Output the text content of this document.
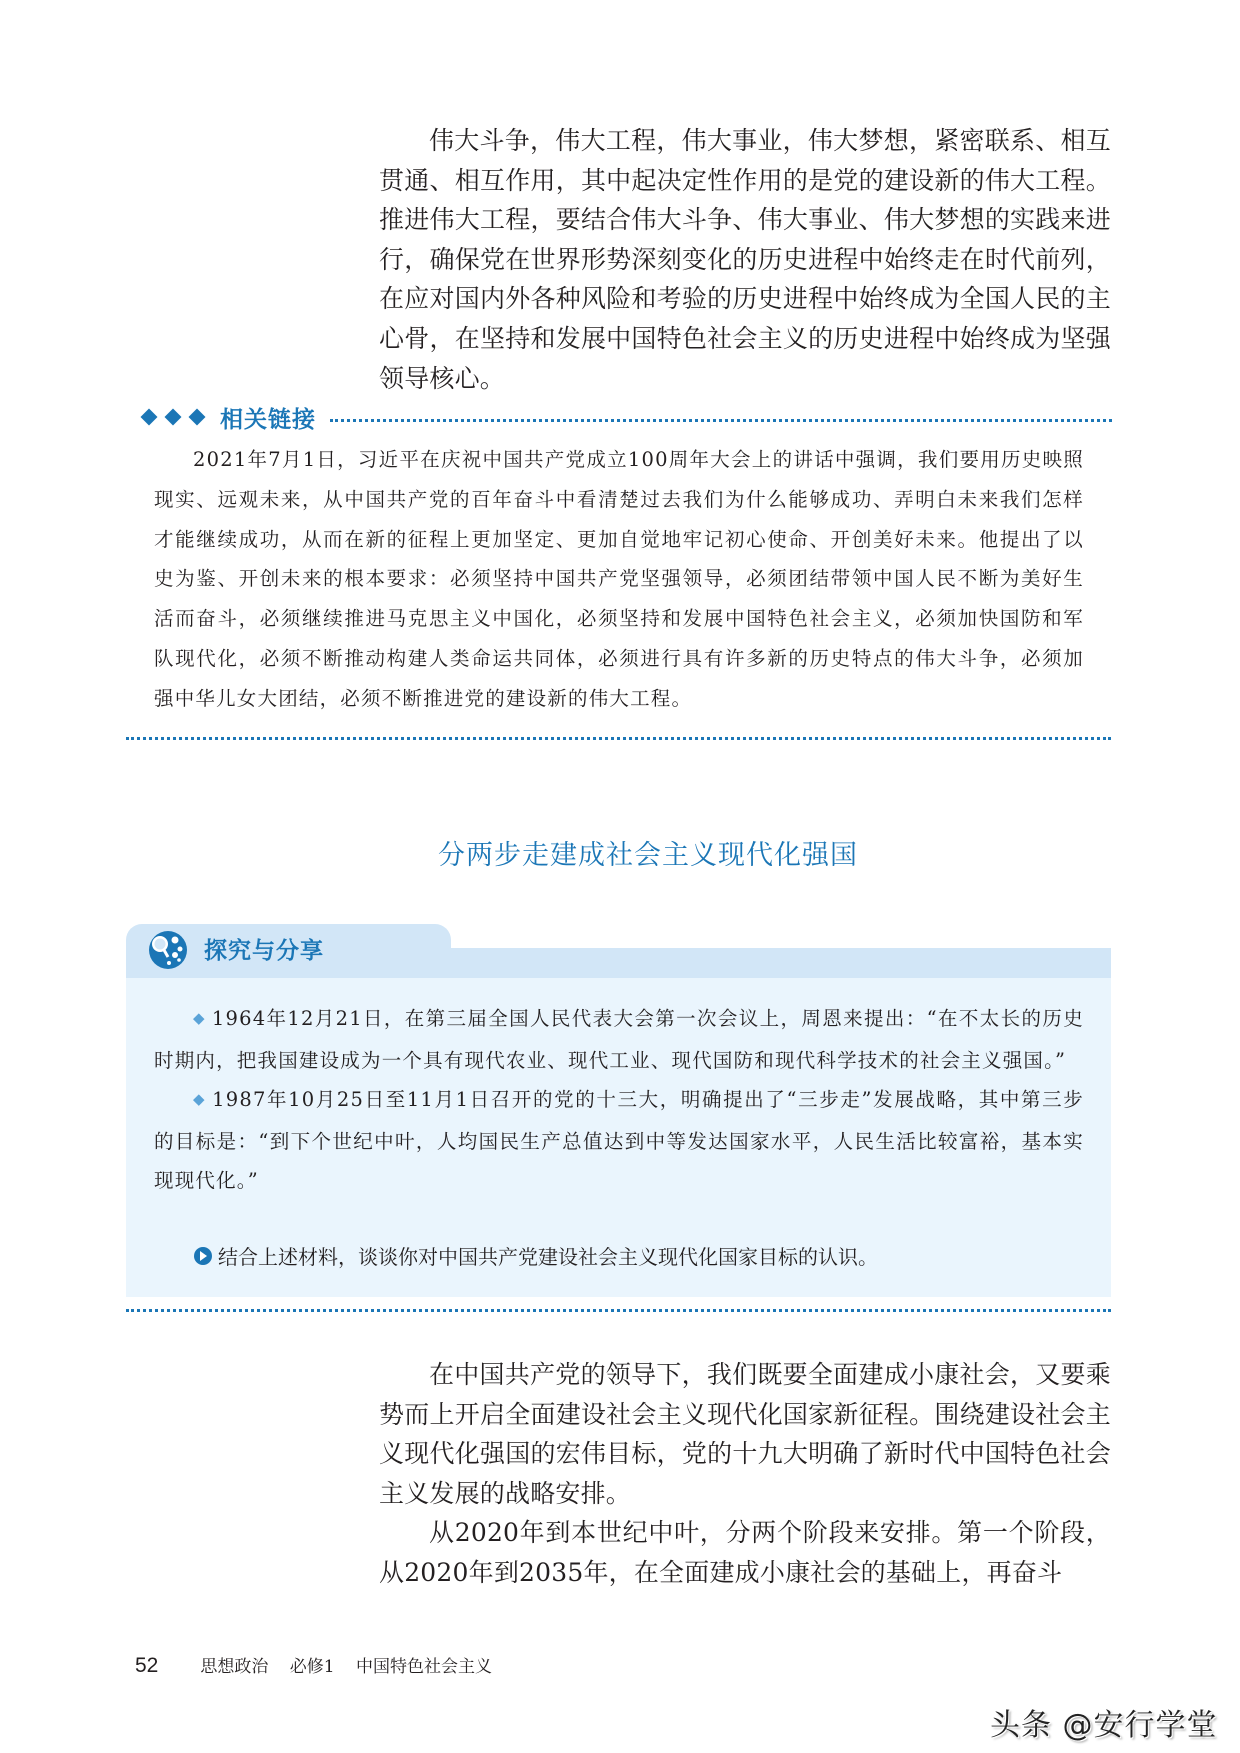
伟大斗争，伟大工程，伟大事业，伟大梦想，紧密联系、相互贯通、相互作用，其中起决定性作用的是党的建设新的伟大工程。推进伟大工程，要结合伟大斗争、伟大事业、伟大梦想的实践来进行，确保党在世界形势深刻变化的历史进程中始终走在时代前列，在应对国内外各种风险和考验的历史进程中始终成为全国人民的主心骨，在坚持和发展中国特色社会主义的历史进程中始终成为坚强领导核心。

相关链接

2021年7月1日，习近平在庆祝中国共产党成立100周年大会上的讲话中强调，我们要用历史映照现实、远观未来，从中国共产党的百年奋斗中看清楚过去我们为什么能够成功、弄明白未来我们怎样才能继续成功，从而在新的征程上更加坚定、更加自觉地牢记初心使命、开创美好未来。他提出了以史为鉴、开创未来的根本要求：必须坚持中国共产党坚强领导，必须团结带领中国人民不断为美好生活而奋斗，必须继续推进马克思主义中国化，必须坚持和发展中国特色社会主义，必须加快国防和军队现代化，必须不断推动构建人类命运共同体，必须进行具有许多新的历史特点的伟大斗争，必须加强中华儿女大团结，必须不断推进党的建设新的伟大工程。

分两步走建成社会主义现代化强国
探究与分享

◆ 1964年12月21日，在第三届全国人民代表大会第一次会议上，周恩来提出：“在不太长的历史时期内，把我国建设成为一个具有现代农业、现代工业、现代国防和现代科学技术的社会主义强国。”

◆ 1987年10月25日至11月1日召开的党的十三大，明确提出了“三步走”发展战略，其中第三步的目标是：“到下个世纪中叶，人均国民生产总值达到中等发达国家水平，人民生活比较富裕，基本实现现代化。”

结合上述材料，谈谈你对中国共产党建设社会主义现代化国家目标的认识。

在中国共产党的领导下，我们既要全面建成小康社会，又要乘势而上开启全面建设社会主义现代化国家新征程。围绕建设社会主义现代化强国的宏伟目标，党的十九大明确了新时代中国特色社会主义发展的战略安排。

从2020年到本世纪中叶，分两个阶段来安排。第一个阶段，从2020年到2035年，在全面建成小康社会的基础上，再奋斗

52 思想政治 必修1 中国特色社会主义
头条 @安行学堂
